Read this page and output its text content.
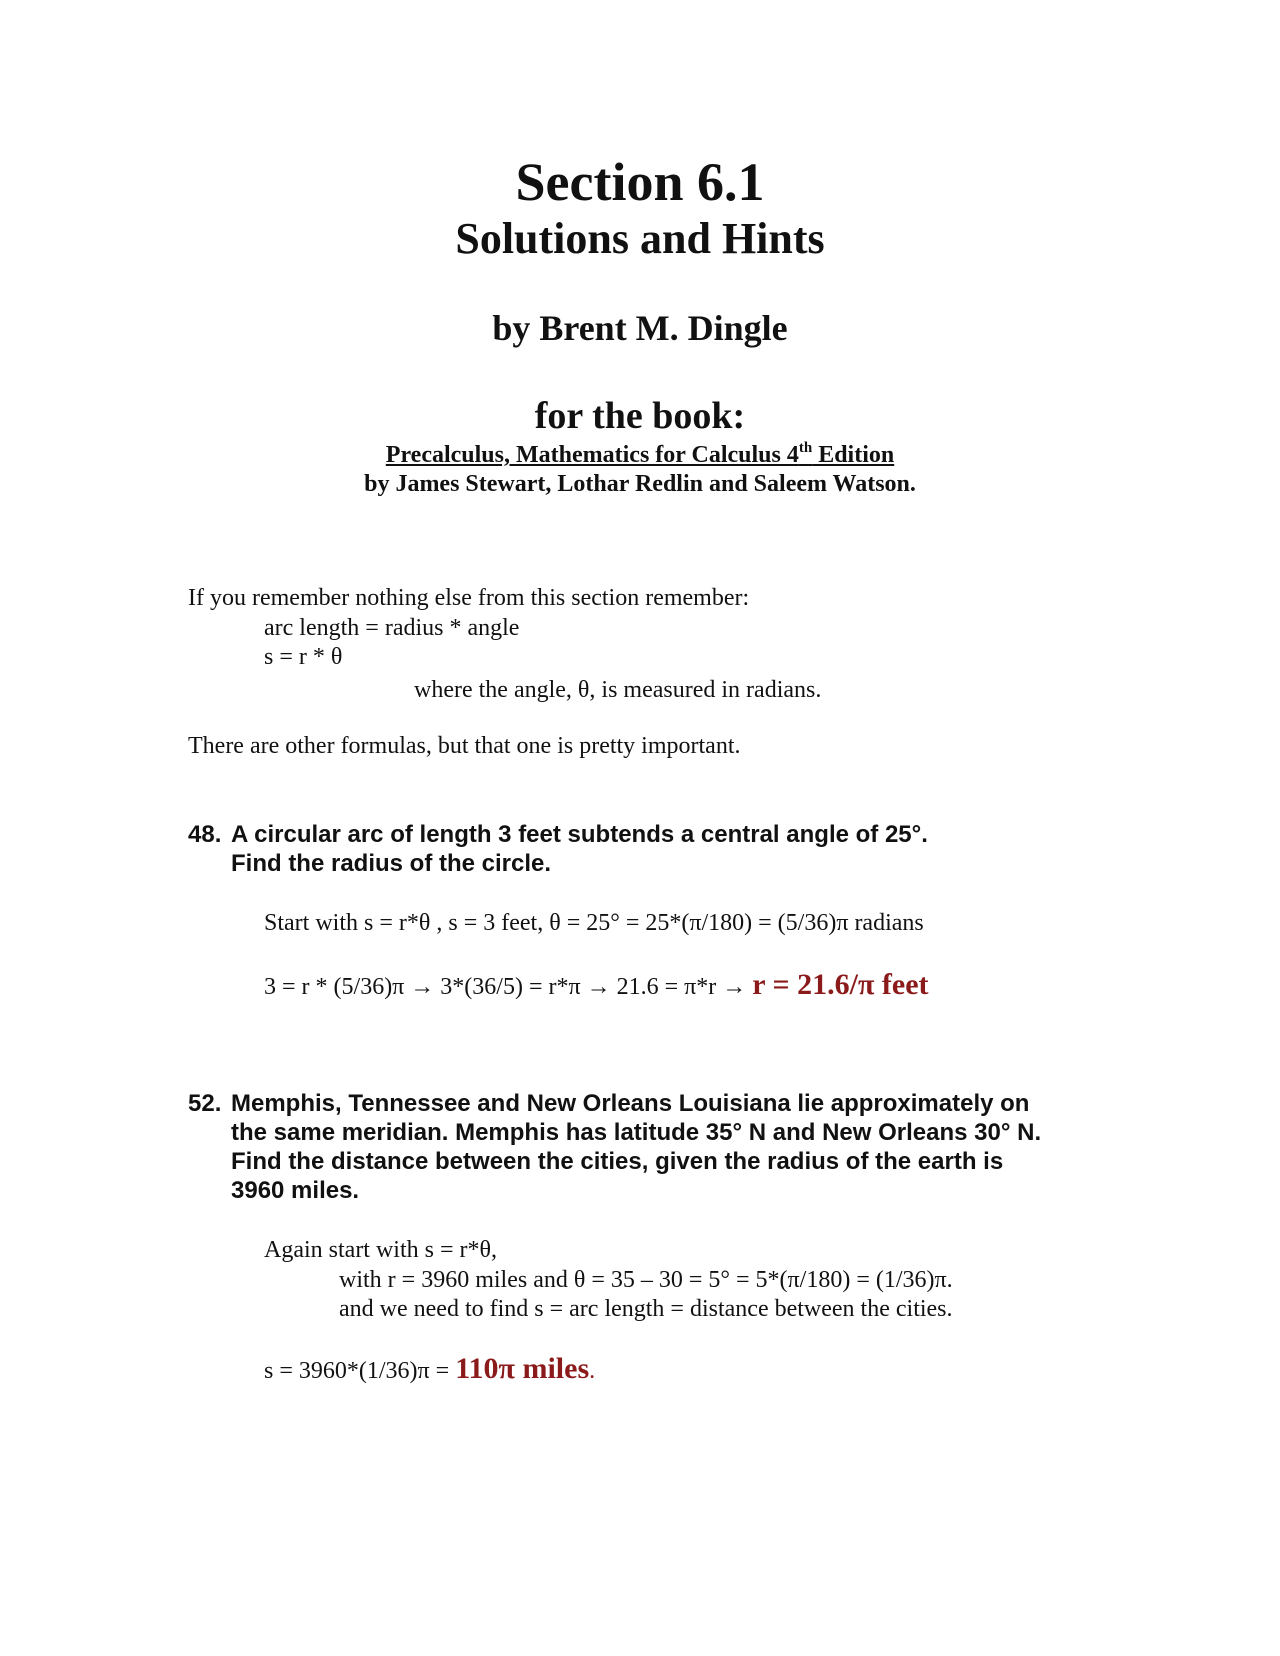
Section 6.1
Solutions and Hints
by Brent M. Dingle
for the book:
Precalculus, Mathematics for Calculus 4th Edition
by James Stewart, Lothar Redlin and Saleem Watson.
If you remember nothing else from this section remember:
arc length = radius * angle
s = r * θ
where the angle, θ, is measured in radians.
There are other formulas, but that one is pretty important.
48. A circular arc of length 3 feet subtends a central angle of 25°.
Find the radius of the circle.
Start with s = r*θ , s = 3 feet, θ = 25° = 25*(π/180) = (5/36)π radians
3 = r * (5/36)π → 3*(36/5) = r*π → 21.6 = π*r → r = 21.6/π feet
52. Memphis, Tennessee and New Orleans Louisiana lie approximately on
the same meridian. Memphis has latitude 35° N and New Orleans 30° N.
Find the distance between the cities, given the radius of the earth is
3960 miles.
Again start with s = r*θ,
with r = 3960 miles and θ = 35 – 30 = 5° = 5*(π/180) = (1/36)π.
and we need to find s = arc length = distance between the cities.
s = 3960*(1/36)π = 110π miles.
